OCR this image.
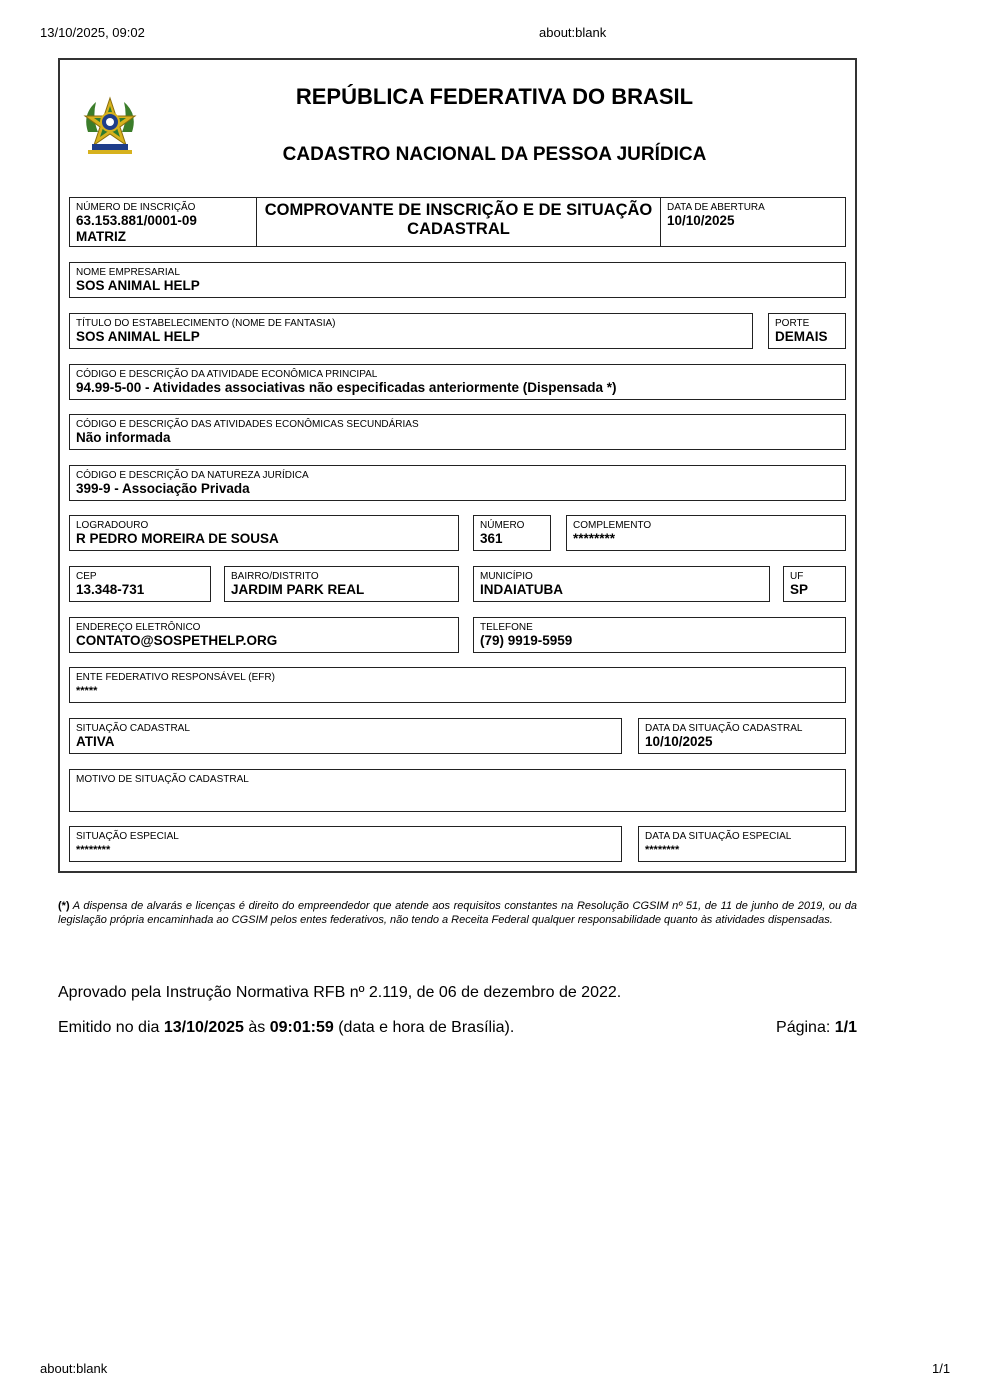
13/10/2025, 09:02	about:blank
about:blank	1/1
REPÚBLICA FEDERATIVA DO BRASIL
CADASTRO NACIONAL DA PESSOA JURÍDICA
NÚMERO DE INSCRIÇÃO
63.153.881/0001-09
MATRIZ
COMPROVANTE DE INSCRIÇÃO E DE SITUAÇÃO
CADASTRAL
DATA DE ABERTURA
10/10/2025
NOME EMPRESARIAL
SOS ANIMAL HELP
TÍTULO DO ESTABELECIMENTO (NOME DE FANTASIA)
SOS ANIMAL HELP
PORTE
DEMAIS
CÓDIGO E DESCRIÇÃO DA ATIVIDADE ECONÔMICA PRINCIPAL
94.99-5-00 - Atividades associativas não especificadas anteriormente (Dispensada *)
CÓDIGO E DESCRIÇÃO DAS ATIVIDADES ECONÔMICAS SECUNDÁRIAS
Não informada
CÓDIGO E DESCRIÇÃO DA NATUREZA JURÍDICA
399-9 - Associação Privada
LOGRADOURO
R PEDRO MOREIRA DE SOUSA
NÚMERO
361
COMPLEMENTO
********
CEP
13.348-731
BAIRRO/DISTRITO
JARDIM PARK REAL
MUNICÍPIO
INDAIATUBA
UF
SP
ENDEREÇO ELETRÔNICO
CONTATO@SOSPETHELP.ORG
TELEFONE
(79) 9919-5959
ENTE FEDERATIVO RESPONSÁVEL (EFR)
*****
SITUAÇÃO CADASTRAL
ATIVA
DATA DA SITUAÇÃO CADASTRAL
10/10/2025
MOTIVO DE SITUAÇÃO CADASTRAL
SITUAÇÃO ESPECIAL
********
DATA DA SITUAÇÃO ESPECIAL
********
(*) A dispensa de alvarás e licenças é direito do empreendedor que atende aos requisitos constantes na Resolução CGSIM nº 51, de 11 de junho de 2019, ou da legislação própria encaminhada ao CGSIM pelos entes federativos, não tendo a Receita Federal qualquer responsabilidade quanto às atividades dispensadas.
Aprovado pela Instrução Normativa RFB nº 2.119, de 06 de dezembro de 2022.
Emitido no dia 13/10/2025 às 09:01:59 (data e hora de Brasília).	Página: 1/1
